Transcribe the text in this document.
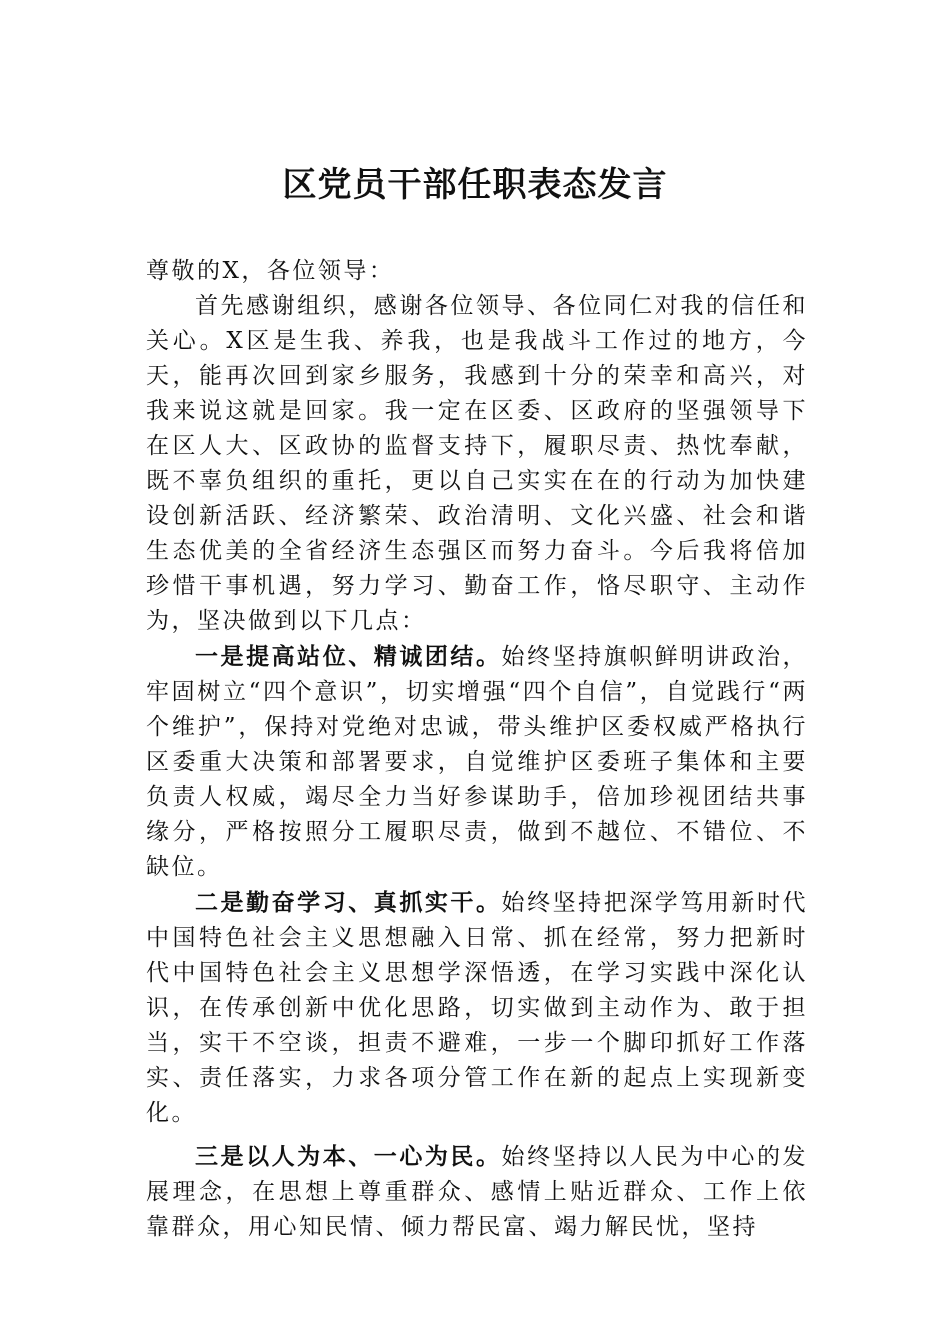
区党员干部任职表态发言

尊敬的X，各位领导：

首先感谢组织，感谢各位领导、各位同仁对我的信任和关心。X区是生我、养我，也是我战斗工作过的地方，今天，能再次回到家乡服务，我感到十分的荣幸和高兴，对我来说这就是回家。我一定在区委、区政府的坚强领导下在区人大、区政协的监督支持下，履职尽责、热忱奉献，既不辜负组织的重托，更以自己实实在在的行动为加快建设创新活跃、经济繁荣、政治清明、文化兴盛、社会和谐生态优美的全省经济生态强区而努力奋斗。今后我将倍加珍惜干事机遇，努力学习、勤奋工作，恪尽职守、主动作为，坚决做到以下几点：

一是提高站位、精诚团结。始终坚持旗帜鲜明讲政治，牢固树立“四个意识”，切实增强“四个自信”，自觉践行“两个维护”，保持对党绝对忠诚，带头维护区委权威严格执行区委重大决策和部署要求，自觉维护区委班子集体和主要负责人权威，竭尽全力当好参谋助手，倍加珍视团结共事缘分，严格按照分工履职尽责，做到不越位、不错位、不缺位。

二是勤奋学习、真抓实干。始终坚持把深学笃用新时代中国特色社会主义思想融入日常、抓在经常，努力把新时代中国特色社会主义思想学深悟透，在学习实践中深化认识，在传承创新中优化思路，切实做到主动作为、敢于担当，实干不空谈，担责不避难，一步一个脚印抓好工作落实、责任落实，力求各项分管工作在新的起点上实现新变化。

三是以人为本、一心为民。始终坚持以人民为中心的发展理念，在思想上尊重群众、感情上贴近群众、工作上依靠群众，用心知民情、倾力帮民富、竭力解民忧，坚持
